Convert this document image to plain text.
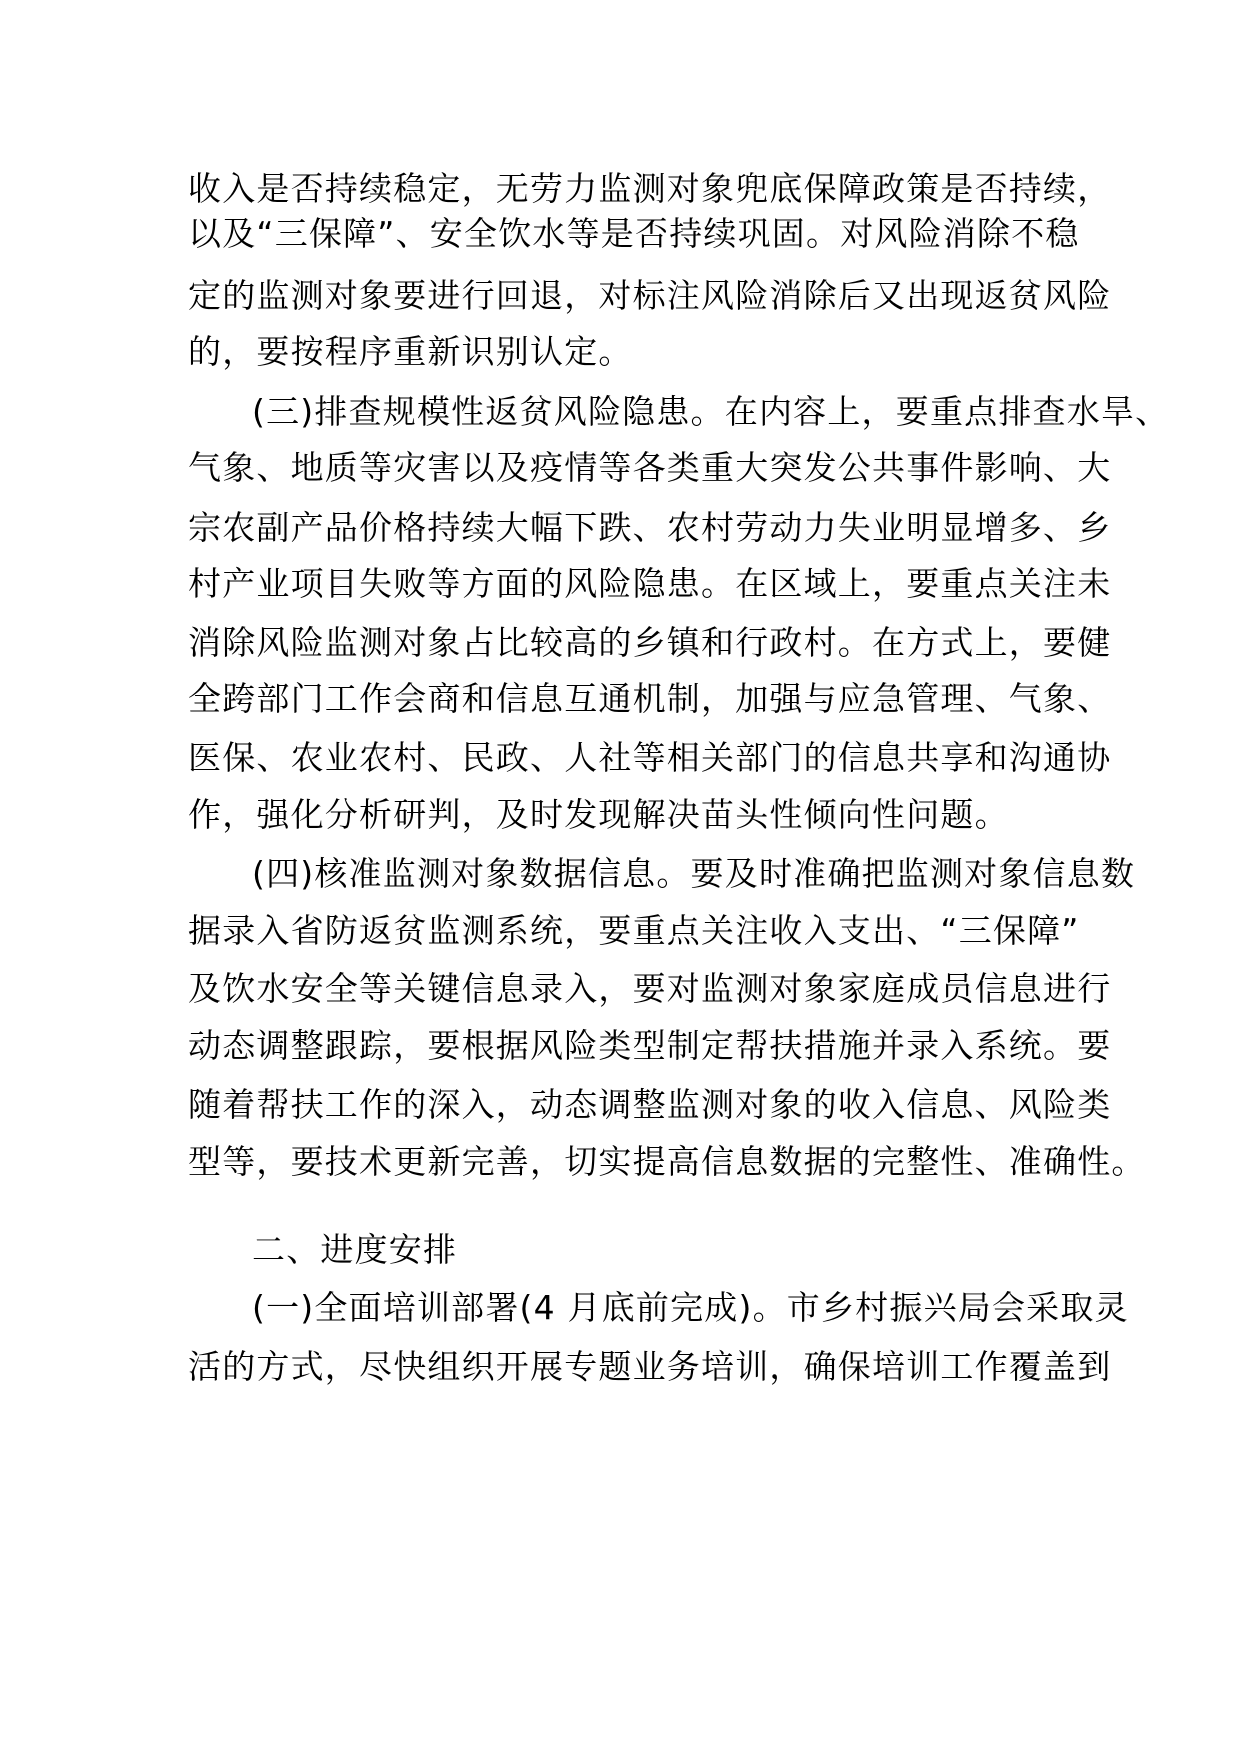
收入是否持续稳定，无劳力监测对象兜底保障政策是否持续，
以及“三保障”、安全饮水等是否持续巩固。对风险消除不稳
定的监测对象要进行回退，对标注风险消除后又出现返贫风险
的，要按程序重新识别认定。
(三)排查规模性返贫风险隐患。在内容上，要重点排查水旱、
气象、地质等灾害以及疫情等各类重大突发公共事件影响、大
宗农副产品价格持续大幅下跌、农村劳动力失业明显增多、乡
村产业项目失败等方面的风险隐患。在区域上，要重点关注未
消除风险监测对象占比较高的乡镇和行政村。在方式上，要健
全跨部门工作会商和信息互通机制，加强与应急管理、气象、
医保、农业农村、民政、人社等相关部门的信息共享和沟通协
作，强化分析研判，及时发现解决苗头性倾向性问题。
(四)核准监测对象数据信息。要及时准确把监测对象信息数
据录入省防返贫监测系统，要重点关注收入支出、“三保障”
及饮水安全等关键信息录入，要对监测对象家庭成员信息进行
动态调整跟踪，要根据风险类型制定帮扶措施并录入系统。要
随着帮扶工作的深入，动态调整监测对象的收入信息、风险类
型等，要技术更新完善，切实提高信息数据的完整性、准确性。
二、进度安排
(一)全面培训部署(4 月底前完成)。市乡村振兴局会采取灵
活的方式，尽快组织开展专题业务培训，确保培训工作覆盖到
